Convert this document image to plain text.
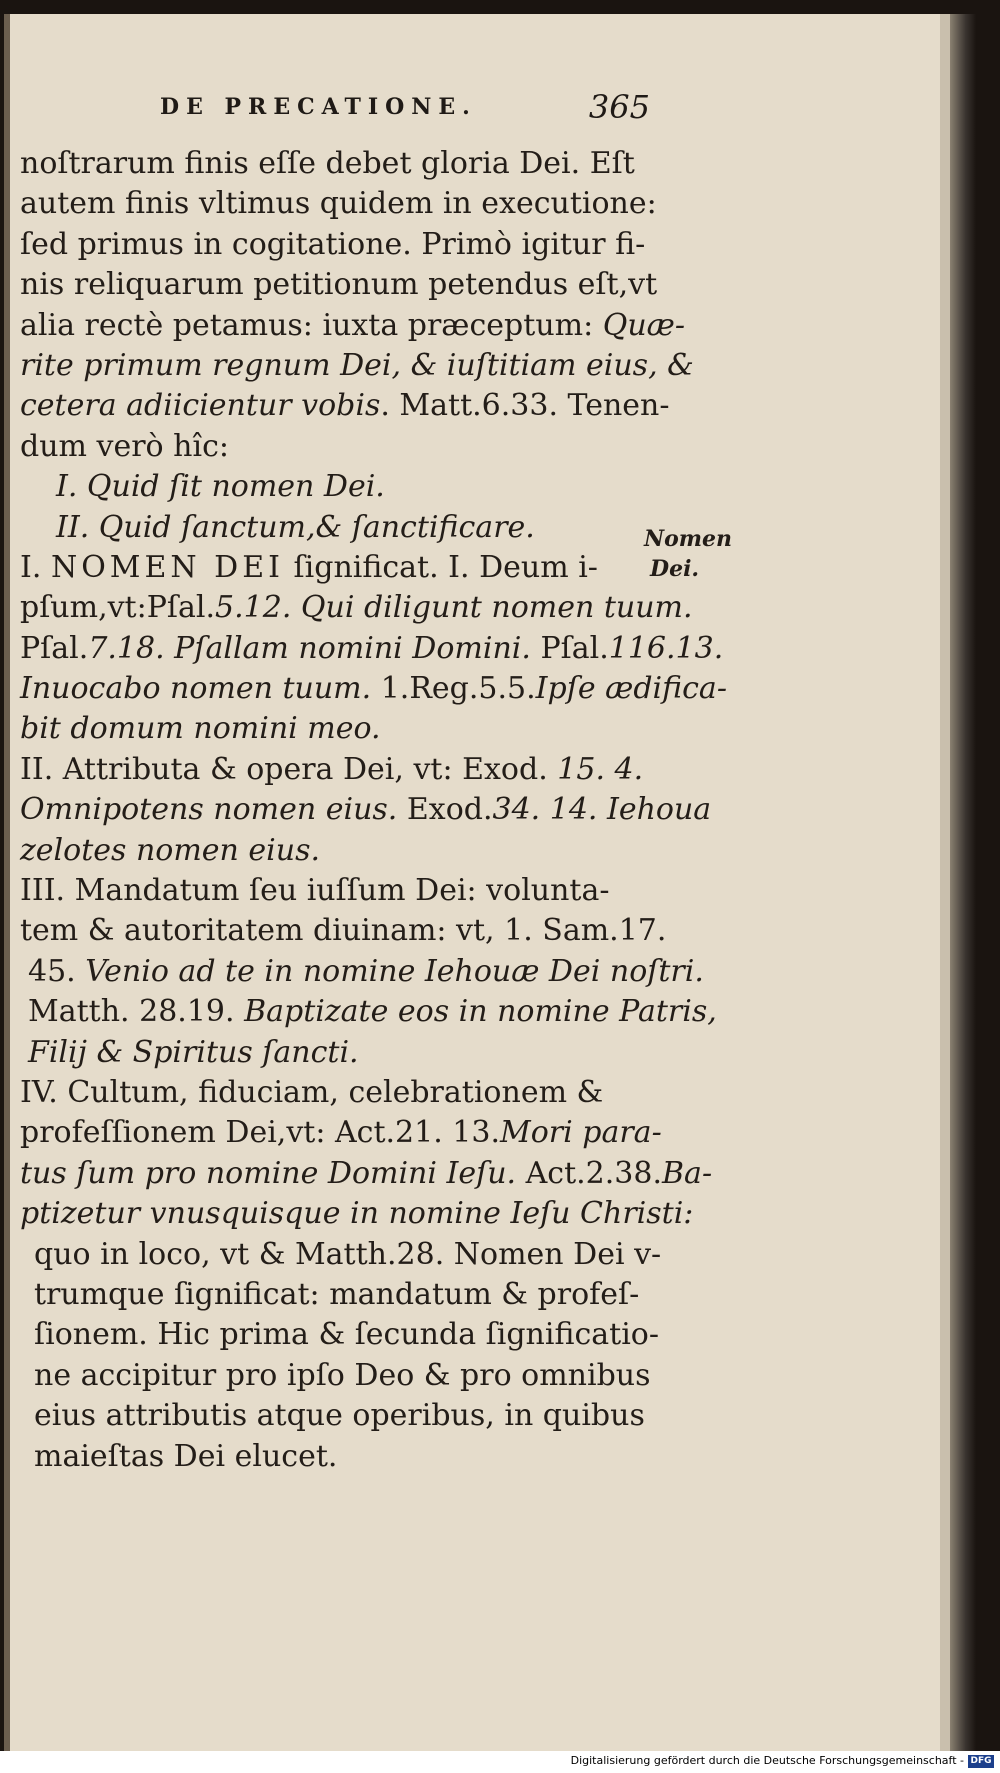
DE PRECATIONE.	365
noſtrarum finis eſſe debet gloria Dei. Eſt
autem finis vltimus quidem in executione:
ſed primus in cogitatione. Primò igitur fi-
nis reliquarum petitionum petendus eſt,vt
alia rectè petamus: iuxta præceptum: Quæ-
rite primum regnum Dei, & iuſtitiam eius, &
cetera adiicientur vobis. Matt.6.33. Tenen-
dum verò hîc:
I. Quid ſit nomen Dei.
II. Quid ſanctum,& ſanctificare.
I. NOMEN DEI ſignificat. I. Deum i-
pſum,vt:Pſal.5.12. Qui diligunt nomen tuum.
Pſal.7.18. Pſallam nomini Domini. Pſal.116.13.
Inuocabo nomen tuum. 1.Reg.5.5.Ipſe ædifica-
bit domum nomini meo.
II. Attributa & opera Dei, vt: Exod. 15. 4.
Omnipotens nomen eius. Exod.34. 14. Iehoua
zelotes nomen eius.
III. Mandatum ſeu iuſſum Dei: volunta-
tem & autoritatem diuinam: vt, 1. Sam.17.
45. Venio ad te in nomine Iehouæ Dei noſtri.
Matth. 28.19. Baptizate eos in nomine Patris,
Filij & Spiritus ſancti.
IV. Cultum, fiduciam, celebrationem &
profeſſionem Dei,vt: Act.21. 13.Mori para-
tus ſum pro nomine Domini Ieſu. Act.2.38.Ba-
ptizetur vnusquisque in nomine Ieſu Christi:
quo in loco, vt & Matth.28. Nomen Dei v-
trumque ſignificat: mandatum & profeſ-
ſionem. Hic prima & ſecunda ſignificatio-
ne accipitur pro ipſo Deo & pro omnibus
eius attributis atque operibus, in quibus
maieſtas Dei elucet.
Nomen
Dei.
Digitalisierung gefördert durch die Deutsche Forschungsgemeinschaft - DFG
